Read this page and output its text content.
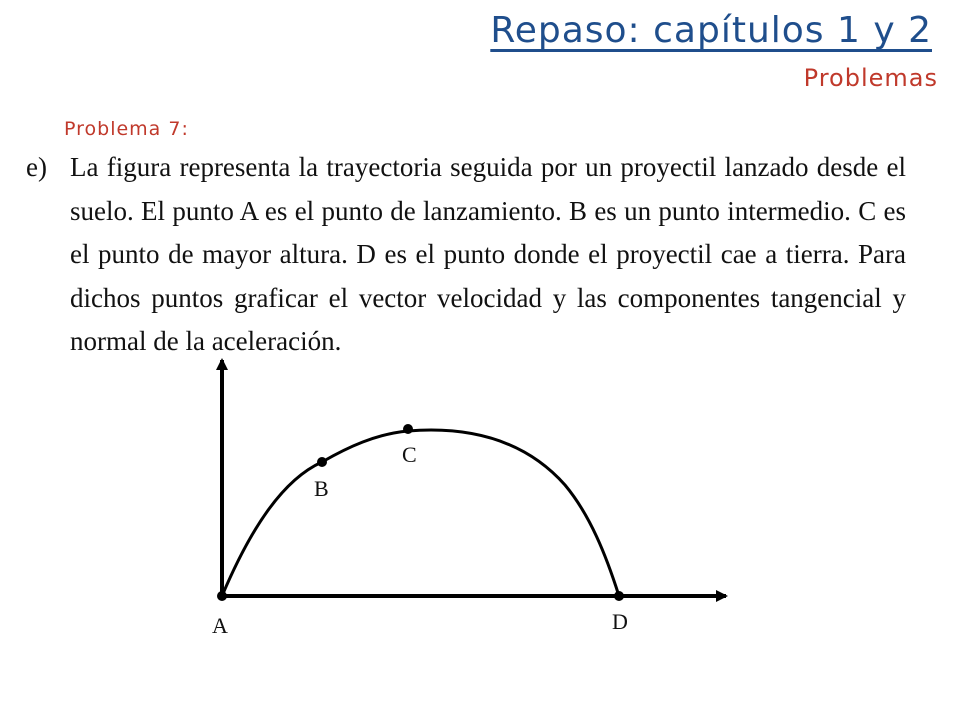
Repaso: capítulos 1 y 2
Problemas
Problema 7:
e) La figura representa la trayectoria seguida por un proyectil lanzado desde el suelo. El punto A es el punto de lanzamiento. B es un punto intermedio. C es el punto de mayor altura. D es el punto donde el proyectil cae a tierra. Para dichos puntos graficar el vector velocidad y las componentes tangencial y normal de la aceleración.
A
B
C
D
